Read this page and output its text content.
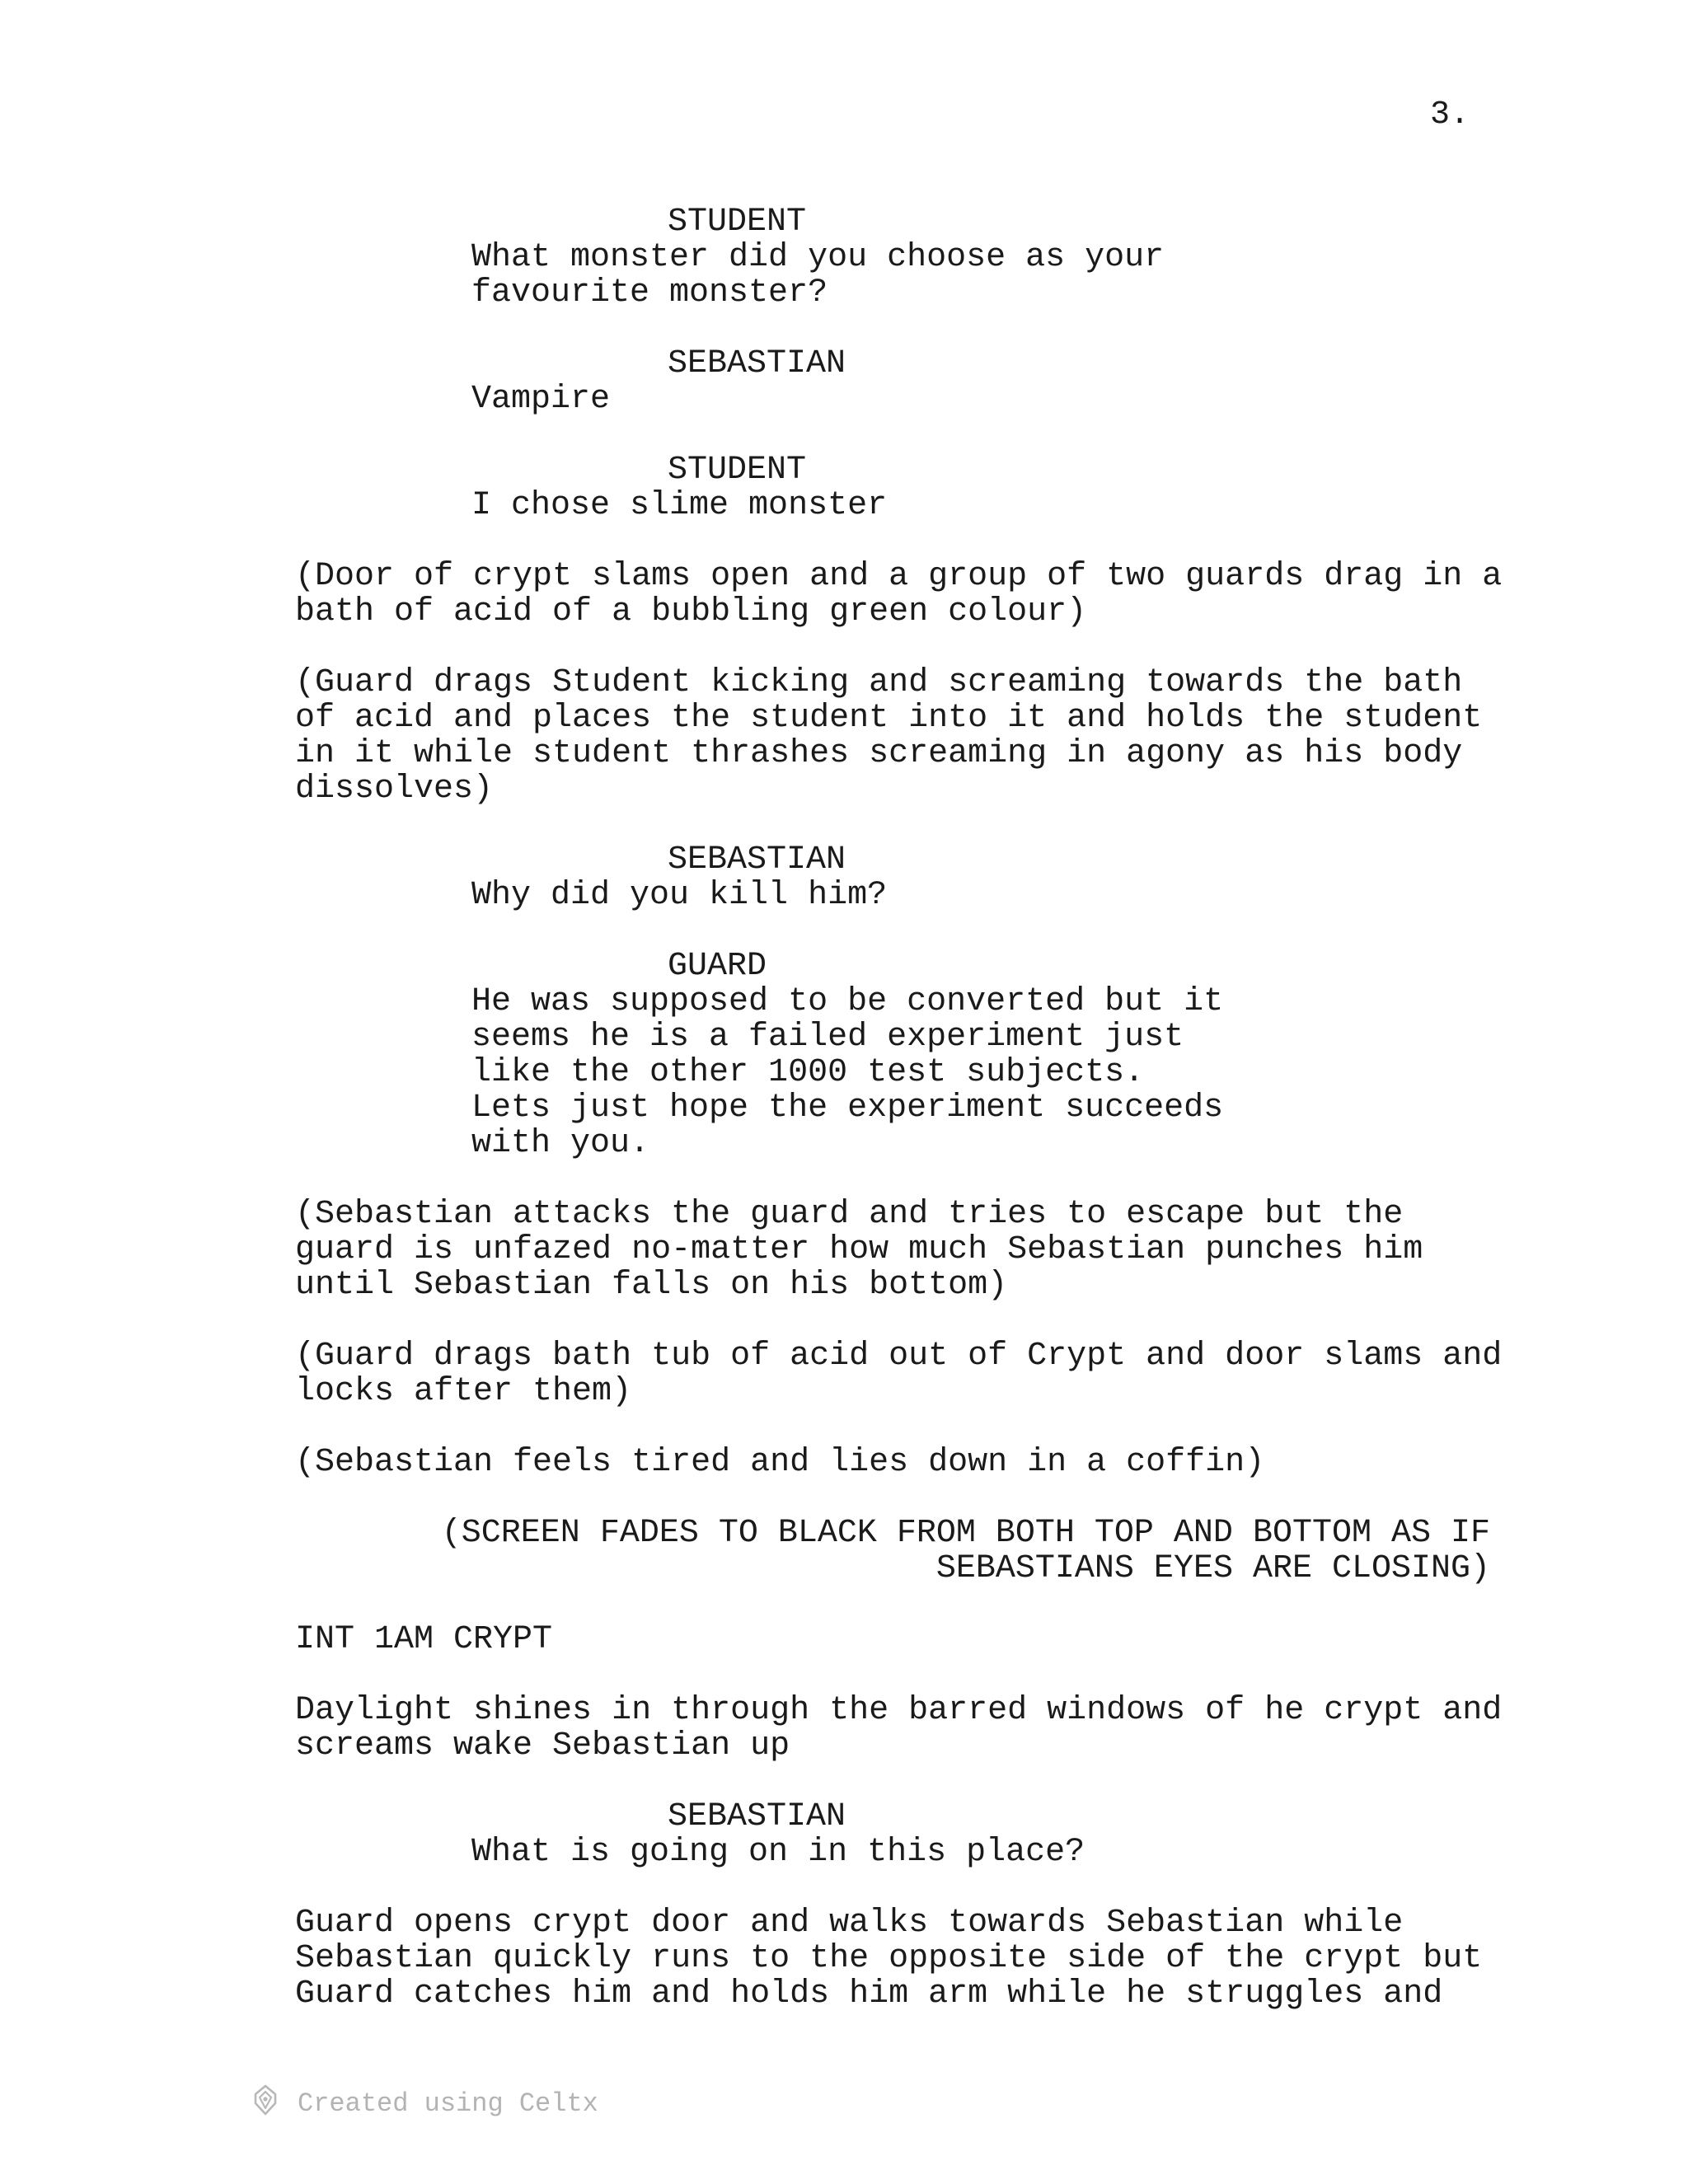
3.
STUDENT
What monster did you choose as your
favourite monster?
SEBASTIAN
Vampire
STUDENT
I chose slime monster
(Door of crypt slams open and a group of two guards drag in a
bath of acid of a bubbling green colour)
(Guard drags Student kicking and screaming towards the bath
of acid and places the student into it and holds the student
in it while student thrashes screaming in agony as his body
dissolves)
SEBASTIAN
Why did you kill him?
GUARD
He was supposed to be converted but it
seems he is a failed experiment just
like the other 1000 test subjects.
Lets just hope the experiment succeeds
with you.
(Sebastian attacks the guard and tries to escape but the
guard is unfazed no-matter how much Sebastian punches him
until Sebastian falls on his bottom)
(Guard drags bath tub of acid out of Crypt and door slams and
locks after them)
(Sebastian feels tired and lies down in a coffin)
(SCREEN FADES TO BLACK FROM BOTH TOP AND BOTTOM AS IF
SEBASTIANS EYES ARE CLOSING)
INT 1AM CRYPT
Daylight shines in through the barred windows of he crypt and
screams wake Sebastian up
SEBASTIAN
What is going on in this place?
Guard opens crypt door and walks towards Sebastian while
Sebastian quickly runs to the opposite side of the crypt but
Guard catches him and holds him arm while he struggles and
Created using Celtx
